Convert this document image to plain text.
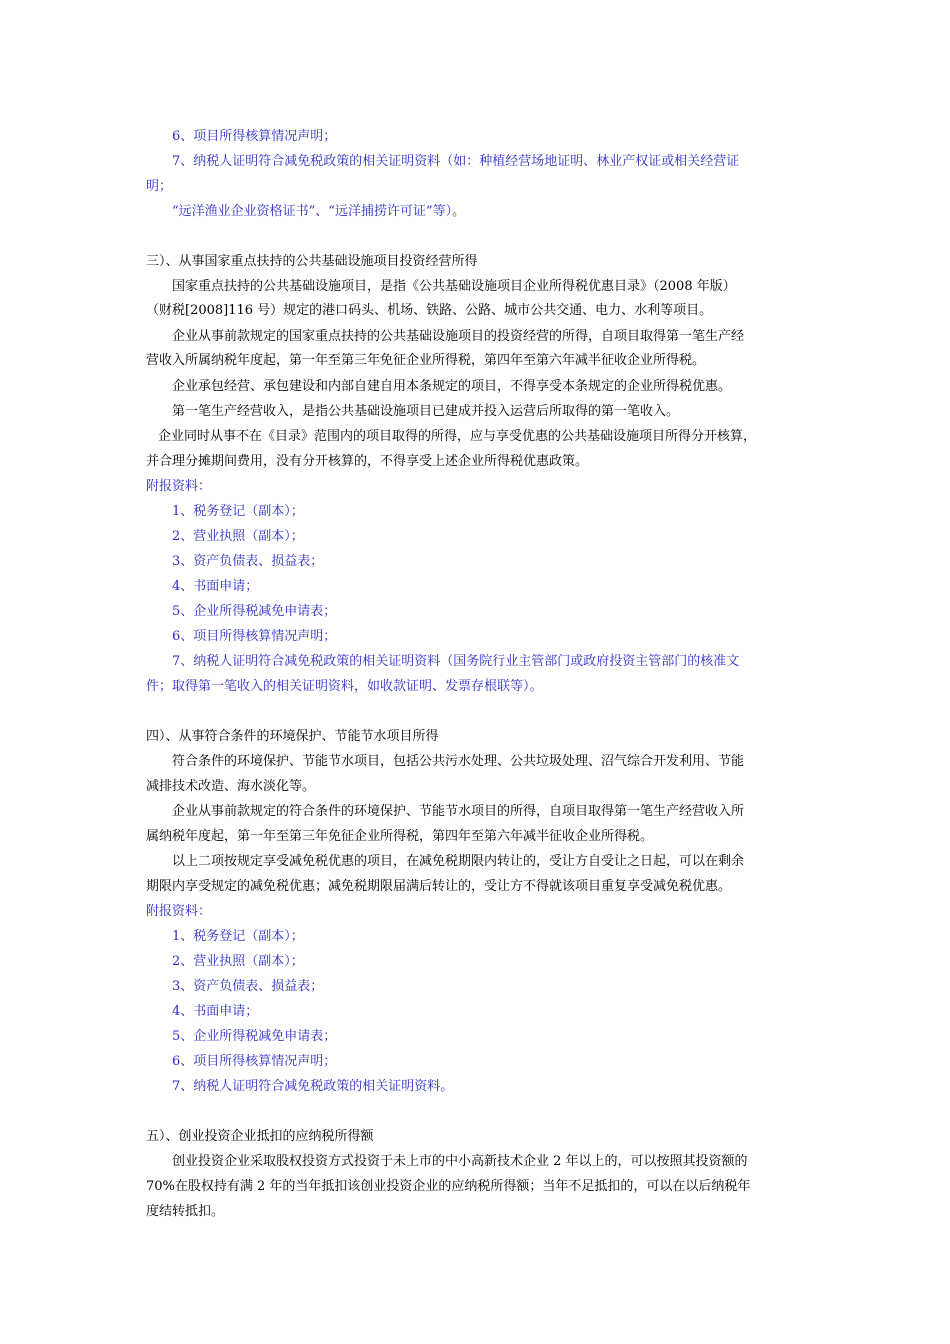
6、项目所得核算情况声明；
7、纳税人证明符合减免税政策的相关证明资料（如：种植经营场地证明、林业产权证或相关经营证
明；
“远洋渔业企业资格证书”、“远洋捕捞许可证”等）。
三）、从事国家重点扶持的公共基础设施项目投资经营所得
国家重点扶持的公共基础设施项目，是指《公共基础设施项目企业所得税优惠目录》（2008 年版）
（财税[2008]116 号）规定的港口码头、机场、铁路、公路、城市公共交通、电力、水利等项目。
企业从事前款规定的国家重点扶持的公共基础设施项目的投资经营的所得，自项目取得第一笔生产经
营收入所属纳税年度起，第一年至第三年免征企业所得税，第四年至第六年减半征收企业所得税。
企业承包经营、承包建设和内部自建自用本条规定的项目，不得享受本条规定的企业所得税优惠。
第一笔生产经营收入，是指公共基础设施项目已建成并投入运营后所取得的第一笔收入。
企业同时从事不在《目录》范围内的项目取得的所得，应与享受优惠的公共基础设施项目所得分开核算，
并合理分摊期间费用，没有分开核算的，不得享受上述企业所得税优惠政策。
附报资料：
1、税务登记（副本）；
2、营业执照（副本）；
3、资产负债表、损益表；
4、书面申请；
5、企业所得税减免申请表；
6、项目所得核算情况声明；
7、纳税人证明符合减免税政策的相关证明资料（国务院行业主管部门或政府投资主管部门的核准文
件；取得第一笔收入的相关证明资料，如收款证明、发票存根联等）。
四）、从事符合条件的环境保护、节能节水项目所得
符合条件的环境保护、节能节水项目，包括公共污水处理、公共垃圾处理、沼气综合开发利用、节能
减排技术改造、海水淡化等。
企业从事前款规定的符合条件的环境保护、节能节水项目的所得，自项目取得第一笔生产经营收入所
属纳税年度起，第一年至第三年免征企业所得税，第四年至第六年减半征收企业所得税。
以上二项按规定享受减免税优惠的项目，在减免税期限内转让的，受让方自受让之日起，可以在剩余
期限内享受规定的减免税优惠；减免税期限届满后转让的，受让方不得就该项目重复享受减免税优惠。
附报资料：
1、税务登记（副本）；
2、营业执照（副本）；
3、资产负债表、损益表；
4、书面申请；
5、企业所得税减免申请表；
6、项目所得核算情况声明；
7、纳税人证明符合减免税政策的相关证明资料。
五）、创业投资企业抵扣的应纳税所得额
创业投资企业采取股权投资方式投资于未上市的中小高新技术企业 2 年以上的，可以按照其投资额的
70%在股权持有满 2 年的当年抵扣该创业投资企业的应纳税所得额；当年不足抵扣的，可以在以后纳税年
度结转抵扣。
